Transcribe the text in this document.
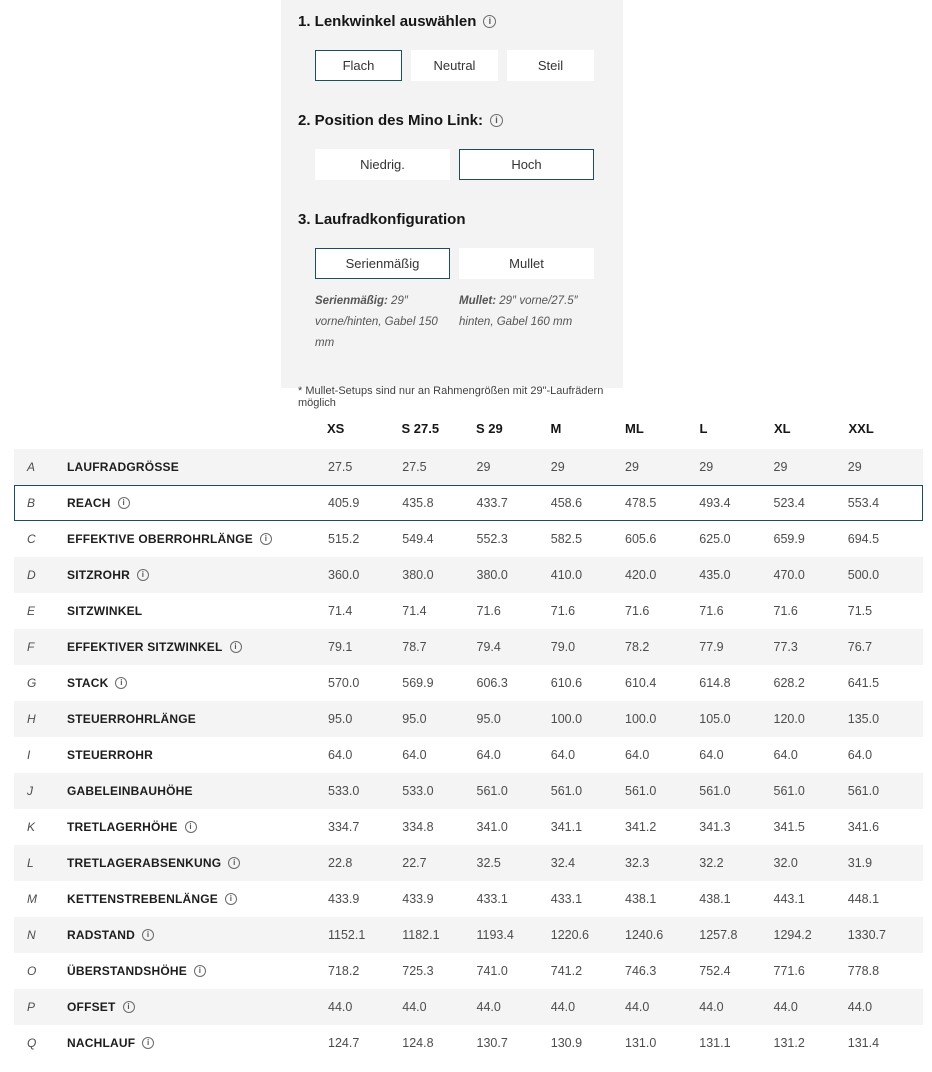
1. Lenkwinkel auswählen	i
Flach	Neutral	Steil
2. Position des Mino Link:	i
Niedrig.	Hoch
3. Laufradkonfiguration
Serienmäßig	Mullet
Serienmäßig: 29″ vorne/hinten, Gabel 150 mm
Mullet: 29″ vorne/27.5″ hinten, Gabel 160 mm
* Mullet-Setups sind nur an Rahmengrößen mit 29"-Laufrädern möglich
XS	S 27.5	S 29	M	ML	L	XL	XXL
A	LAUFRADGRÖSSE	27.5	27.5	29	29	29	29	29	29
B	REACH	i	405.9	435.8	433.7	458.6	478.5	493.4	523.4	553.4
C	EFFEKTIVE OBERROHRLÄNGE	i	515.2	549.4	552.3	582.5	605.6	625.0	659.9	694.5
D	SITZROHR	i	360.0	380.0	380.0	410.0	420.0	435.0	470.0	500.0
E	SITZWINKEL	71.4	71.4	71.6	71.6	71.6	71.6	71.6	71.5
F	EFFEKTIVER SITZWINKEL	i	79.1	78.7	79.4	79.0	78.2	77.9	77.3	76.7
G	STACK	i	570.0	569.9	606.3	610.6	610.4	614.8	628.2	641.5
H	STEUERROHRLÄNGE	95.0	95.0	95.0	100.0	100.0	105.0	120.0	135.0
I	STEUERROHR	64.0	64.0	64.0	64.0	64.0	64.0	64.0	64.0
J	GABELEINBAUHÖHE	533.0	533.0	561.0	561.0	561.0	561.0	561.0	561.0
K	TRETLAGERHÖHE	i	334.7	334.8	341.0	341.1	341.2	341.3	341.5	341.6
L	TRETLAGERABSENKUNG	i	22.8	22.7	32.5	32.4	32.3	32.2	32.0	31.9
M	KETTENSTREBENLÄNGE	i	433.9	433.9	433.1	433.1	438.1	438.1	443.1	448.1
N	RADSTAND	i	1152.1	1182.1	1193.4	1220.6	1240.6	1257.8	1294.2	1330.7
O	ÜBERSTANDSHÖHE	i	718.2	725.3	741.0	741.2	746.3	752.4	771.6	778.8
P	OFFSET	i	44.0	44.0	44.0	44.0	44.0	44.0	44.0	44.0
Q	NACHLAUF	i	124.7	124.8	130.7	130.9	131.0	131.1	131.2	131.4
